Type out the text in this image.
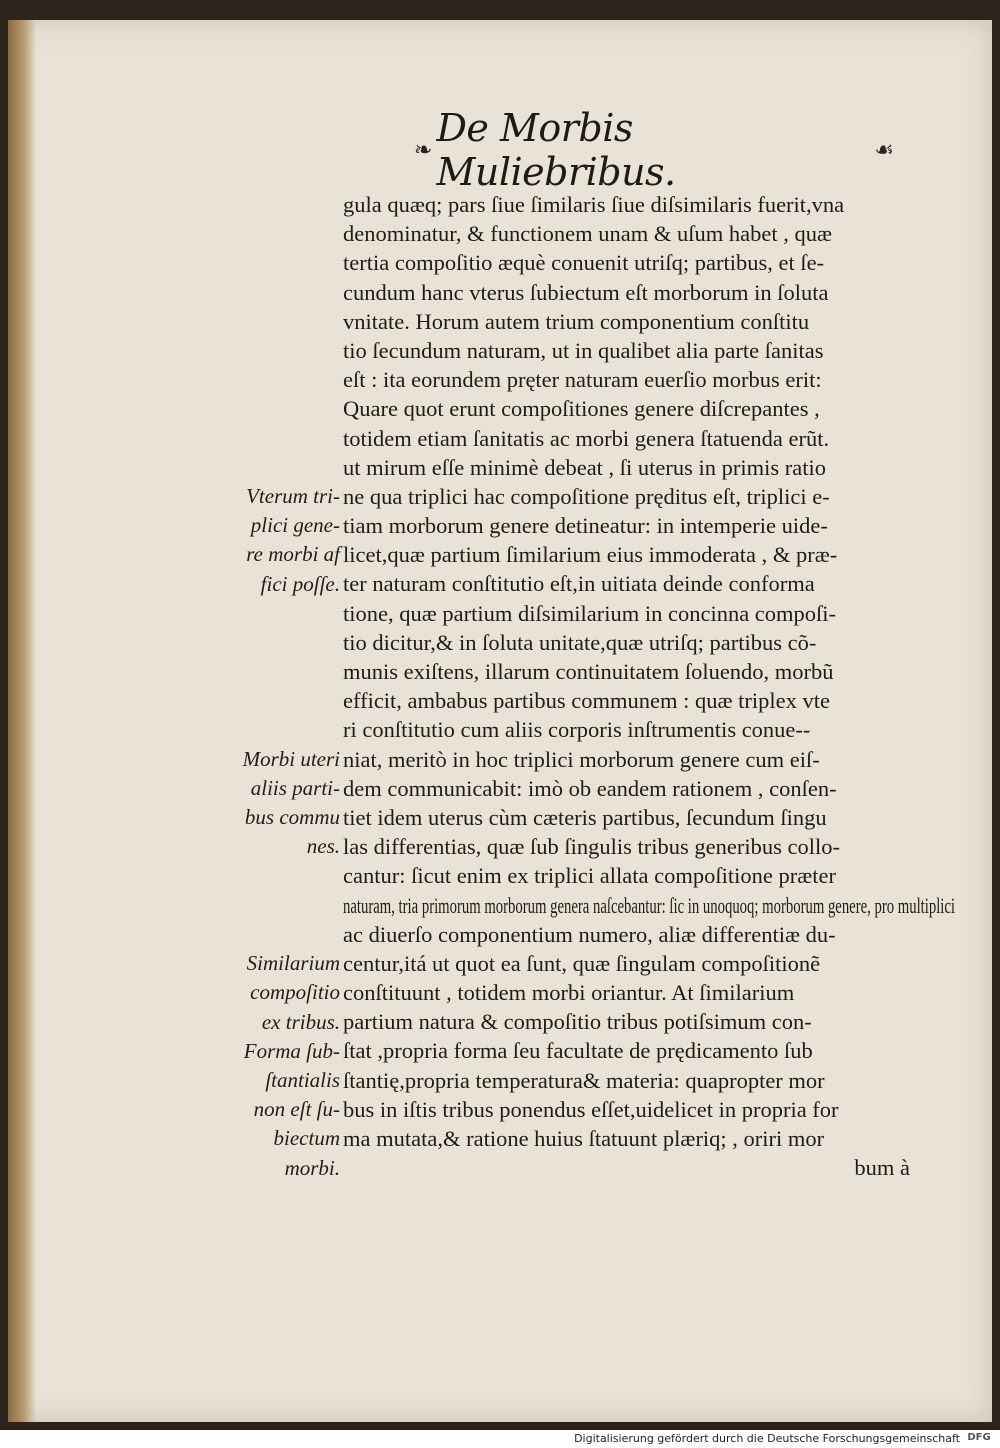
❧ De Morbis Muliebribus.	☙
gula quæq; pars ſiue ſimilaris ſiue diſsimilaris fuerit,vna
denominatur, & functionem unam & uſum habet , quæ
tertia compoſitio æquè conuenit utriſq; partibus, et ſe-
cundum hanc vterus ſubiectum eſt morborum in ſoluta
vnitate. Horum autem trium componentium conſtitu
tio ſecundum naturam, ut in qualibet alia parte ſanitas
eſt : ita eorundem pręter naturam euerſio morbus erit:
Quare quot erunt compoſitiones genere diſcrepantes ,
totidem etiam ſanitatis ac morbi genera ſtatuenda erũt.
ut mirum eſſe minimè debeat , ſi uterus in primis ratio
ne qua triplici hac compoſitione pręditus eſt, triplici e-
tiam morborum genere detineatur: in intemperie uide-
licet,quæ partium ſimilarium eius immoderata , & præ-
ter naturam conſtitutio eſt,in uitiata deinde conforma
tione, quæ partium diſsimilarium in concinna compoſi-
tio dicitur,& in ſoluta unitate,quæ utriſq; partibus cõ-
munis exiſtens, illarum continuitatem ſoluendo, morbũ
efficit, ambabus partibus communem : quæ triplex vte
ri conſtitutio cum aliis corporis inſtrumentis conue--
niat, meritò in hoc triplici morborum genere cum eiſ-
dem communicabit: imò ob eandem rationem , conſen-
tiet idem uterus cùm cæteris partibus, ſecundum ſingu
las differentias, quæ ſub ſingulis tribus generibus collo-
cantur: ſicut enim ex triplici allata compoſitione præter
naturam, tria primorum morborum genera naſcebantur: ſic in unoquoq; morborum genere, pro multiplici
ac diuerſo componentium numero, aliæ differentiæ du-
centur,itá ut quot ea ſunt, quæ ſingulam compoſitionẽ
conſtituunt , totidem morbi oriantur. At ſimilarium
partium natura & compoſitio tribus potiſsimum con-
ſtat ,propria forma ſeu facultate de prędicamento ſub
ſtantię,propria temperatura& materia: quapropter mor
bus in iſtis tribus ponendus eſſet,uidelicet in propria for
ma mutata,& ratione huius ſtatuunt plæriq; , oriri mor
bum à
Vterum tri-
plici gene-
re morbi af
fici poſſe.
Morbi uteri
aliis parti-
bus commu
nes.
Similarium
compoſitio
ex tribus.
Forma ſub-
ſtantialis
non eſt ſu-
biectum
morbi.
Digitalisierung gefördert durch die Deutsche Forschungsgemeinschaft DFG
